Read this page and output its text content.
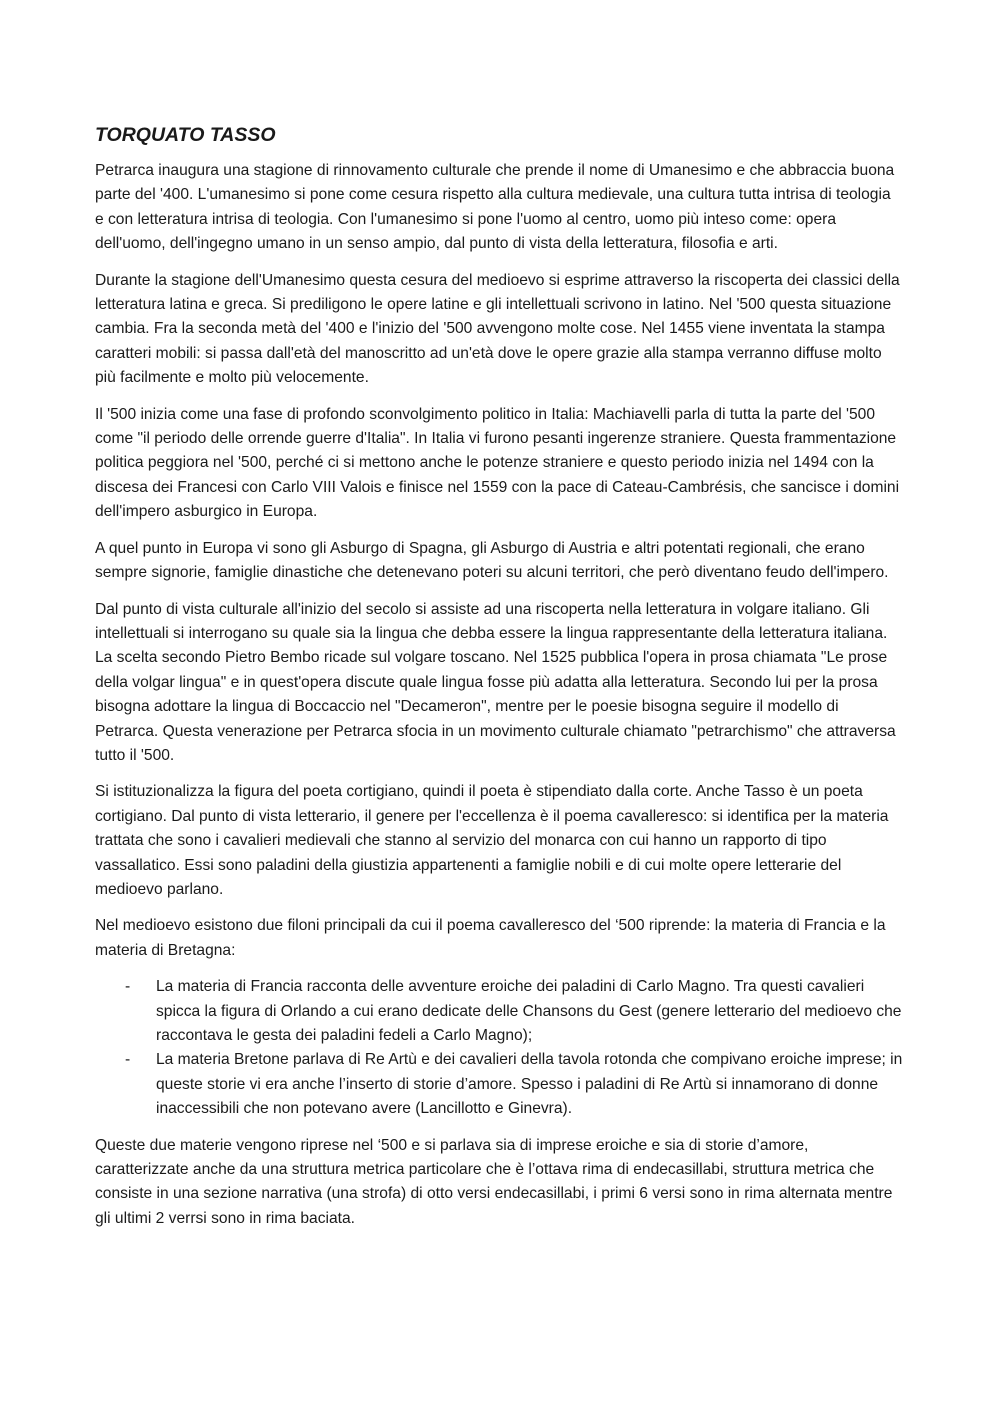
TORQUATO TASSO

Petrarca inaugura una stagione di rinnovamento culturale che prende il nome di Umanesimo e che abbraccia buona parte del '400. L'umanesimo si pone come cesura rispetto alla cultura medievale, una cultura tutta intrisa di teologia e con letteratura intrisa di teologia. Con l'umanesimo si pone l'uomo al centro, uomo più inteso come: opera dell'uomo, dell'ingegno umano in un senso ampio, dal punto di vista della letteratura, filosofia e arti.

Durante la stagione dell'Umanesimo questa cesura del medioevo si esprime attraverso la riscoperta dei classici della letteratura latina e greca. Si prediligono le opere latine e gli intellettuali scrivono in latino. Nel '500 questa situazione cambia. Fra la seconda metà del '400 e l'inizio del '500 avvengono molte cose. Nel 1455 viene inventata la stampa caratteri mobili: si passa dall'età del manoscritto ad un'età dove le opere grazie alla stampa verranno diffuse molto più facilmente e molto più velocemente.

Il '500 inizia come una fase di profondo sconvolgimento politico in Italia: Machiavelli parla di tutta la parte del '500 come "il periodo delle orrende guerre d'Italia". In Italia vi furono pesanti ingerenze straniere. Questa frammentazione politica peggiora nel '500, perché ci si mettono anche le potenze straniere e questo periodo inizia nel 1494 con la discesa dei Francesi con Carlo VIII Valois e finisce nel 1559 con la pace di Cateau-Cambrésis, che sancisce i domini dell'impero asburgico in Europa.

A quel punto in Europa vi sono gli Asburgo di Spagna, gli Asburgo di Austria e altri potentati regionali, che erano sempre signorie, famiglie dinastiche che detenevano poteri su alcuni territori, che però diventano feudo dell'impero.

Dal punto di vista culturale all'inizio del secolo si assiste ad una riscoperta nella letteratura in volgare italiano. Gli intellettuali si interrogano su quale sia la lingua che debba essere la lingua rappresentante della letteratura italiana. La scelta secondo Pietro Bembo ricade sul volgare toscano. Nel 1525 pubblica l'opera in prosa chiamata "Le prose della volgar lingua" e in quest'opera discute quale lingua fosse più adatta alla letteratura. Secondo lui per la prosa bisogna adottare la lingua di Boccaccio nel "Decameron", mentre per le poesie bisogna seguire il modello di Petrarca. Questa venerazione per Petrarca sfocia in un movimento culturale chiamato "petrarchismo" che attraversa tutto il '500.

Si istituzionalizza la figura del poeta cortigiano, quindi il poeta è stipendiato dalla corte. Anche Tasso è un poeta cortigiano. Dal punto di vista letterario, il genere per l'eccellenza è il poema cavalleresco: si identifica per la materia trattata che sono i cavalieri medievali che stanno al servizio del monarca con cui hanno un rapporto di tipo vassallatico. Essi sono paladini della giustizia appartenenti a famiglie nobili e di cui molte opere letterarie del medioevo parlano.

Nel medioevo esistono due filoni principali da cui il poema cavalleresco del ‘500 riprende: la materia di Francia e la materia di Bretagna:

- La materia di Francia racconta delle avventure eroiche dei paladini di Carlo Magno. Tra questi cavalieri spicca la figura di Orlando a cui erano dedicate delle Chansons du Gest (genere letterario del medioevo che raccontava le gesta dei paladini fedeli a Carlo Magno);
- La materia Bretone parlava di Re Artù e dei cavalieri della tavola rotonda che compivano eroiche imprese; in queste storie vi era anche l’inserto di storie d’amore. Spesso i paladini di Re Artù si innamorano di donne inaccessibili che non potevano avere (Lancillotto e Ginevra).

Queste due materie vengono riprese nel ‘500 e si parlava sia di imprese eroiche e sia di storie d’amore, caratterizzate anche da una struttura metrica particolare che è l’ottava rima di endecasillabi, struttura metrica che consiste in una sezione narrativa (una strofa) di otto versi endecasillabi, i primi 6 versi sono in rima alternata mentre gli ultimi 2 verrsi sono in rima baciata.
